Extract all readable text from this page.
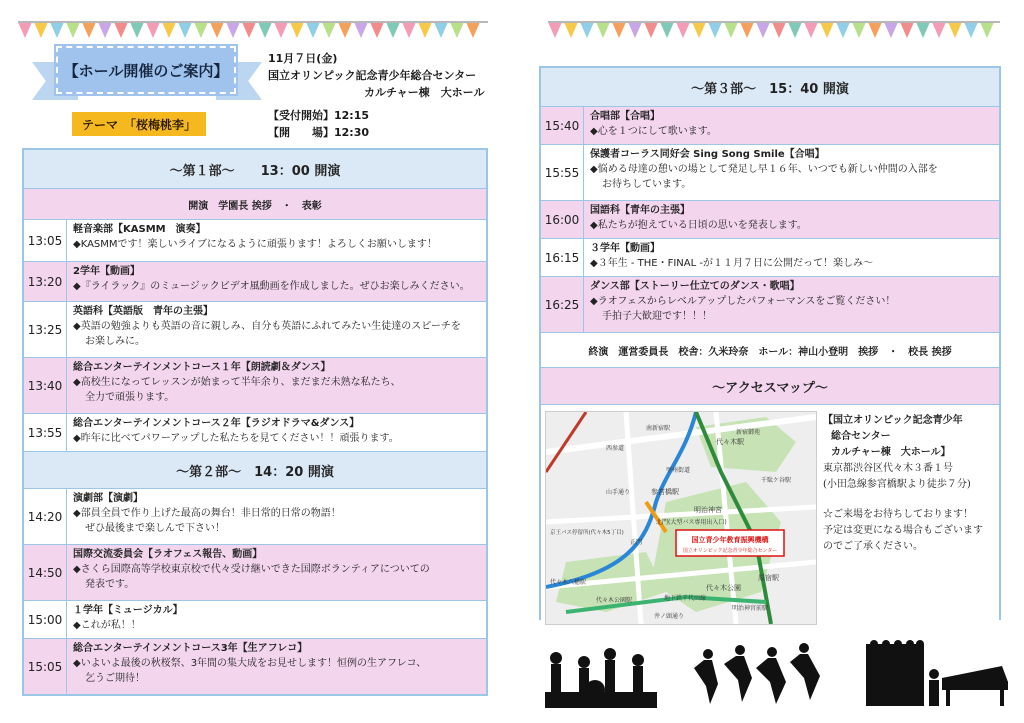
【ホール開催のご案内】
テーマ　「桜梅桃李」
11月７日(金)
国立オリンピック記念青少年総合センター
カルチャー棟　大ホール
【受付開始】12:15
【開　　場】12:30
～第１部～　　13：00 開演
開演　学園長 挨拶　・　表彰
13:05
軽音楽部【KASMM　演奏】
◆KASMMです！楽しいライブになるように頑張ります！よろしくお願いします！
13:20
2学年【動画】
◆『ライラック』のミュージックビデオ風動画を作成しました。ぜひお楽しみください。
13:25
英語科【英語版　青年の主張】
◆英語の勉強よりも英語の音に親しみ、自分も英語にふれてみたい生徒達のスピーチを
お楽しみに。
13:40
総合エンターテインメントコース１年【朗読劇＆ダンス】
◆高校生になってレッスンが始まって半年余り、まだまだ未熟な私たち、
全力で頑張ります。
13:55
総合エンターテインメントコース２年【ラジオドラマ&ダンス】
◆昨年に比べてパワーアップした私たちを見てください！！頑張ります。
～第２部～　14：20 開演
14:20
演劇部【演劇】
◆部員全員で作り上げた最高の舞台！非日常的日常の物語！
ぜひ最後まで楽しんで下さい！
14:50
国際交流委員会【ラオフェス報告、動画】
◆さくら国際高等学校東京校で代々受け継いできた国際ボランティアについての
発表です。
15:00
１学年【ミュージカル】
◆これが私！！
15:05
総合エンターテインメントコース3年【生アフレコ】
◆いよいよ最後の秋桜祭、3年間の集大成をお見せします！恒例の生アフレコ、
乞うご期待！
～第３部～　15：40 開演
15:40
合唱部【合唱】
◆心を１つにして歌います。
15:55
保護者コーラス同好会 Sing Song Smile【合唱】
◆悩める母達の憩いの場として発足し早１６年、いつでも新しい仲間の入部を
お待ちしています。
16:00
国語科【青年の主張】
◆私たちが抱えている日頃の思いを発表します。
16:15
３学年【動画】
◆３年生 - THE・FINAL -が１１月７日に公開だって！楽しみ～
16:25
ダンス部【ストーリー仕立てのダンス・歌唱】
◆ラオフェスからレベルアップしたパフォーマンスをご覧ください！
手拍子大歓迎です！！！
終演　運営委員長　校舎：久米玲奈　ホール：神山小登明　挨拶　・　校長 挨拶
～アクセスマップ～
国立青少年教育振興機構
国立オリンピック記念青少年総合センター
参宮橋駅
代々木公園
明治神宮
代々木駅
原宿駅
明治神宮前駅
北門(大型バス専用出入口)
正門
千駄ケ谷駅
新宿御苑
西参道
京王バス停留所(代々木5丁目)
山手通り
甲州街道
井ノ頭通り
地下鉄千代田線
代々木公園駅
代々木八幡駅
南新宿駅
【国立オリンピック記念青少年
総合センター
カルチャー棟　大ホール】
東京都渋谷区代々木３番１号
(小田急線参宮橋駅より徒歩７分)
☆ご来場をお待ちしております！
予定は変更になる場合もございます
のでご了承ください。
